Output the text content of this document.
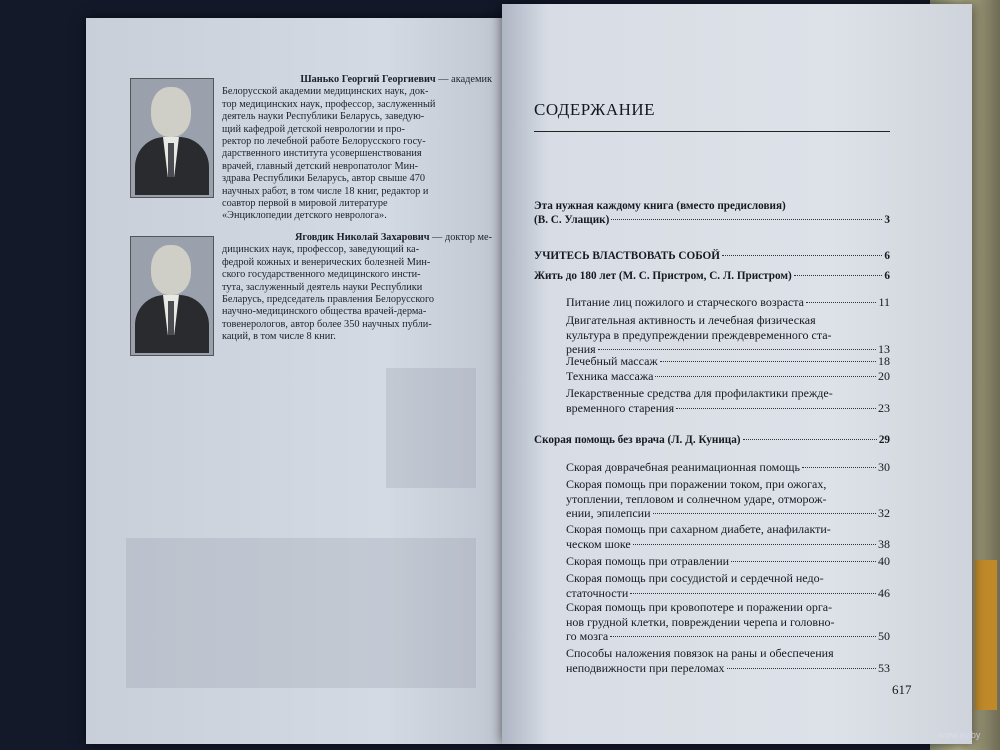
Шанько Георгий Георгиевич — академик
Белорусской академии медицинских наук, док-
тор медицинских наук, профессор, заслуженный
деятель науки Республики Беларусь, заведую-
щий кафедрой детской неврологии и про-
ректор по лечебной работе Белорусского госу-
дарственного института усовершенствования
врачей, главный детский невропатолог Мин-
здрава Республики Беларусь, автор свыше 470
научных работ, в том числе 18 книг, редактор и
соавтор первой в мировой литературе
«Энциклопедии детского невролога».
Яговдик Николай Захарович — доктор ме-
дицинских наук, профессор, заведующий ка-
федрой кожных и венерических болезней Мин-
ского государственного медицинского инсти-
тута, заслуженный деятель науки Республики
Беларусь, председатель правления Белорусского
научно-медицинского общества врачей-дерма-
товенерологов, автор более 350 научных публи-
каций, в том числе 8 книг.
СОДЕРЖАНИЕ
Эта нужная каждому книга (вместо предисловия)
(В. С. Улащик)	3
УЧИТЕСЬ ВЛАСТВОВАТЬ СОБОЙ	6
Жить до 180 лет (М. С. Пристром, С. Л. Пристром)	6
Питание лиц пожилого и старческого возраста	11
Двигательная активность и лечебная физическая
культура в предупреждении преждевременного ста-
рения	13
Лечебный массаж	18
Техника массажа	20
Лекарственные средства для профилактики прежде-
временного старения	23
Скорая помощь без врача (Л. Д. Куница)	29
Скорая доврачебная реанимационная помощь	30
Скорая помощь при поражении током, при ожогах,
утоплении, тепловом и солнечном ударе, отморож-
ении, эпилепсии	32
Скорая помощь при сахарном диабете, анафилакти-
ческом шоке	38
Скорая помощь при отравлении	40
Скорая помощь при сосудистой и сердечной недо-
статочности	46
Скорая помощь при кровопотере и поражении орга-
нов грудной клетки, повреждении черепа и головно-
го мозга	50
Способы наложения повязок на раны и обеспечения
неподвижности при переломах	53
617
www.ay.by
